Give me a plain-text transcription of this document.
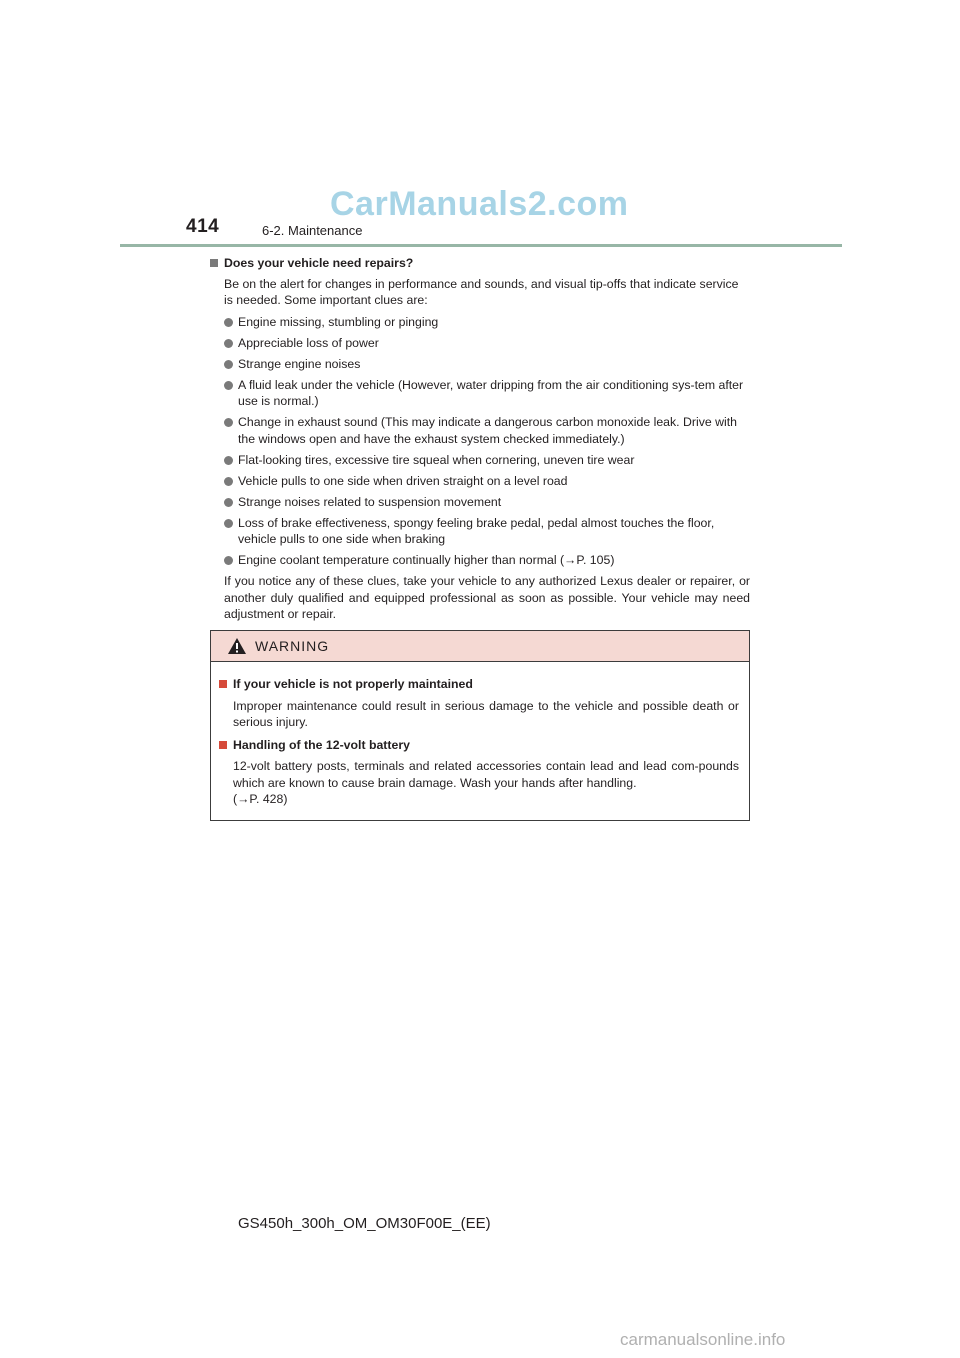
CarManuals2.com
414	6-2. Maintenance
Does your vehicle need repairs?
Be on the alert for changes in performance and sounds, and visual tip-offs that indicate service is needed. Some important clues are:
Engine missing, stumbling or pinging
Appreciable loss of power
Strange engine noises
A fluid leak under the vehicle (However, water dripping from the air conditioning sys-tem after use is normal.)
Change in exhaust sound (This may indicate a dangerous carbon monoxide leak. Drive with the windows open and have the exhaust system checked immediately.)
Flat-looking tires, excessive tire squeal when cornering, uneven tire wear
Vehicle pulls to one side when driven straight on a level road
Strange noises related to suspension movement
Loss of brake effectiveness, spongy feeling brake pedal, pedal almost touches the floor, vehicle pulls to one side when braking
Engine coolant temperature continually higher than normal (→P. 105)
If you notice any of these clues, take your vehicle to any authorized Lexus dealer or repairer, or another duly qualified and equipped professional as soon as possible. Your vehicle may need adjustment or repair.
WARNING
If your vehicle is not properly maintained
Improper maintenance could result in serious damage to the vehicle and possible death or serious injury.
Handling of the 12-volt battery
12-volt battery posts, terminals and related accessories contain lead and lead com-pounds which are known to cause brain damage. Wash your hands after handling.
(→P. 428)
GS450h_300h_OM_OM30F00E_(EE)
carmanualsonline.info
